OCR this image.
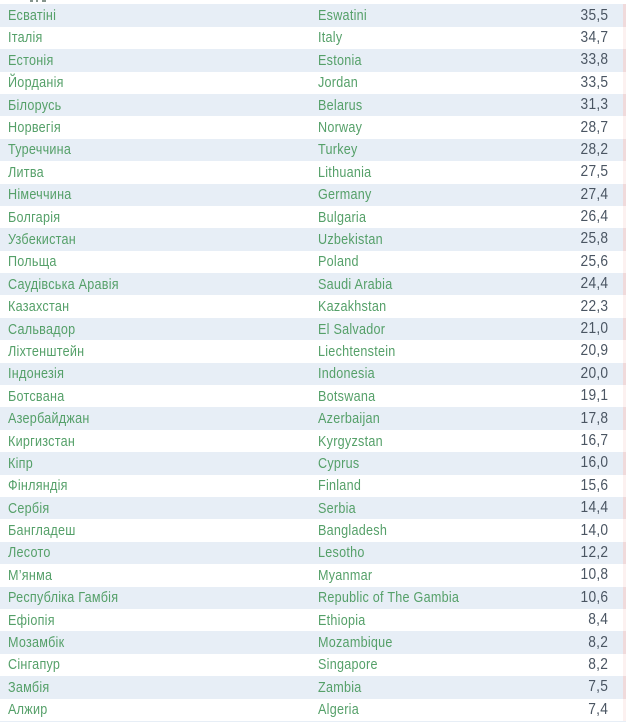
Есватіні	Eswatini	35,5
Італія	Italy	34,7
Естонія	Estonia	33,8
Йорданія	Jordan	33,5
Білорусь	Belarus	31,3
Норвегія	Norway	28,7
Туреччина	Turkey	28,2
Литва	Lithuania	27,5
Німеччина	Germany	27,4
Болгарія	Bulgaria	26,4
Узбекистан	Uzbekistan	25,8
Польща	Poland	25,6
Саудівська Аравія	Saudi Arabia	24,4
Казахстан	Kazakhstan	22,3
Сальвадор	El Salvador	21,0
Ліхтенштейн	Liechtenstein	20,9
Індонезія	Indonesia	20,0
Ботсвана	Botswana	19,1
Азербайджан	Azerbaijan	17,8
Киргизстан	Kyrgyzstan	16,7
Кіпр	Cyprus	16,0
Фінляндія	Finland	15,6
Сербія	Serbia	14,4
Бангладеш	Bangladesh	14,0
Лесото	Lesotho	12,2
М’янма	Myanmar	10,8
Республіка Гамбія	Republic of The Gambia	10,6
Ефіопія	Ethiopia	8,4
Мозамбік	Mozambique	8,2
Сінгапур	Singapore	8,2
Замбія	Zambia	7,5
Алжир	Algeria	7,4
